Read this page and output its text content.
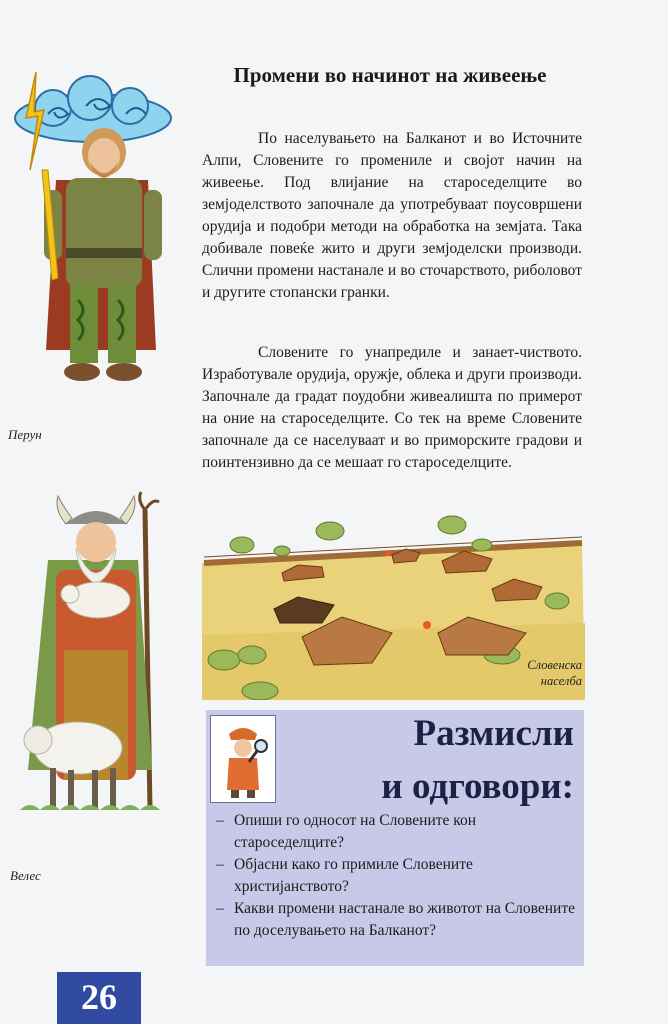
Перун
Велес
Промени во начинот на живеење

По населувањето на Балканот и во Источните Алпи, Словените го промениле и својот начин на живеење. Под влијание на староседелците во земјоделството започнале да употребуваат поусовршени орудија и подобри методи на обработка на земјата. Така добивале повеќе жито и други земјоделски производи. Слични промени настанале и во сточарството, риболовот и другите стопански гранки.

Словените го унапредиле и занает-чиството. Изработувале орудија, оружје, облека и други производи. Започнале да градат поудобни живеалишта по примерот на оние на староседелците. Со тек на време Словените започнале да се населуваат и во приморските градови и поинтензивно да се мешаат го староседелците.

Словенска населба
Размисли
и одговори:
– Опиши го односот на Словените кон староседелците?
– Објасни како го примиле Словените христијанството?
– Какви промени настанале во животот на Словените по доселувањето на Балканот?
26
